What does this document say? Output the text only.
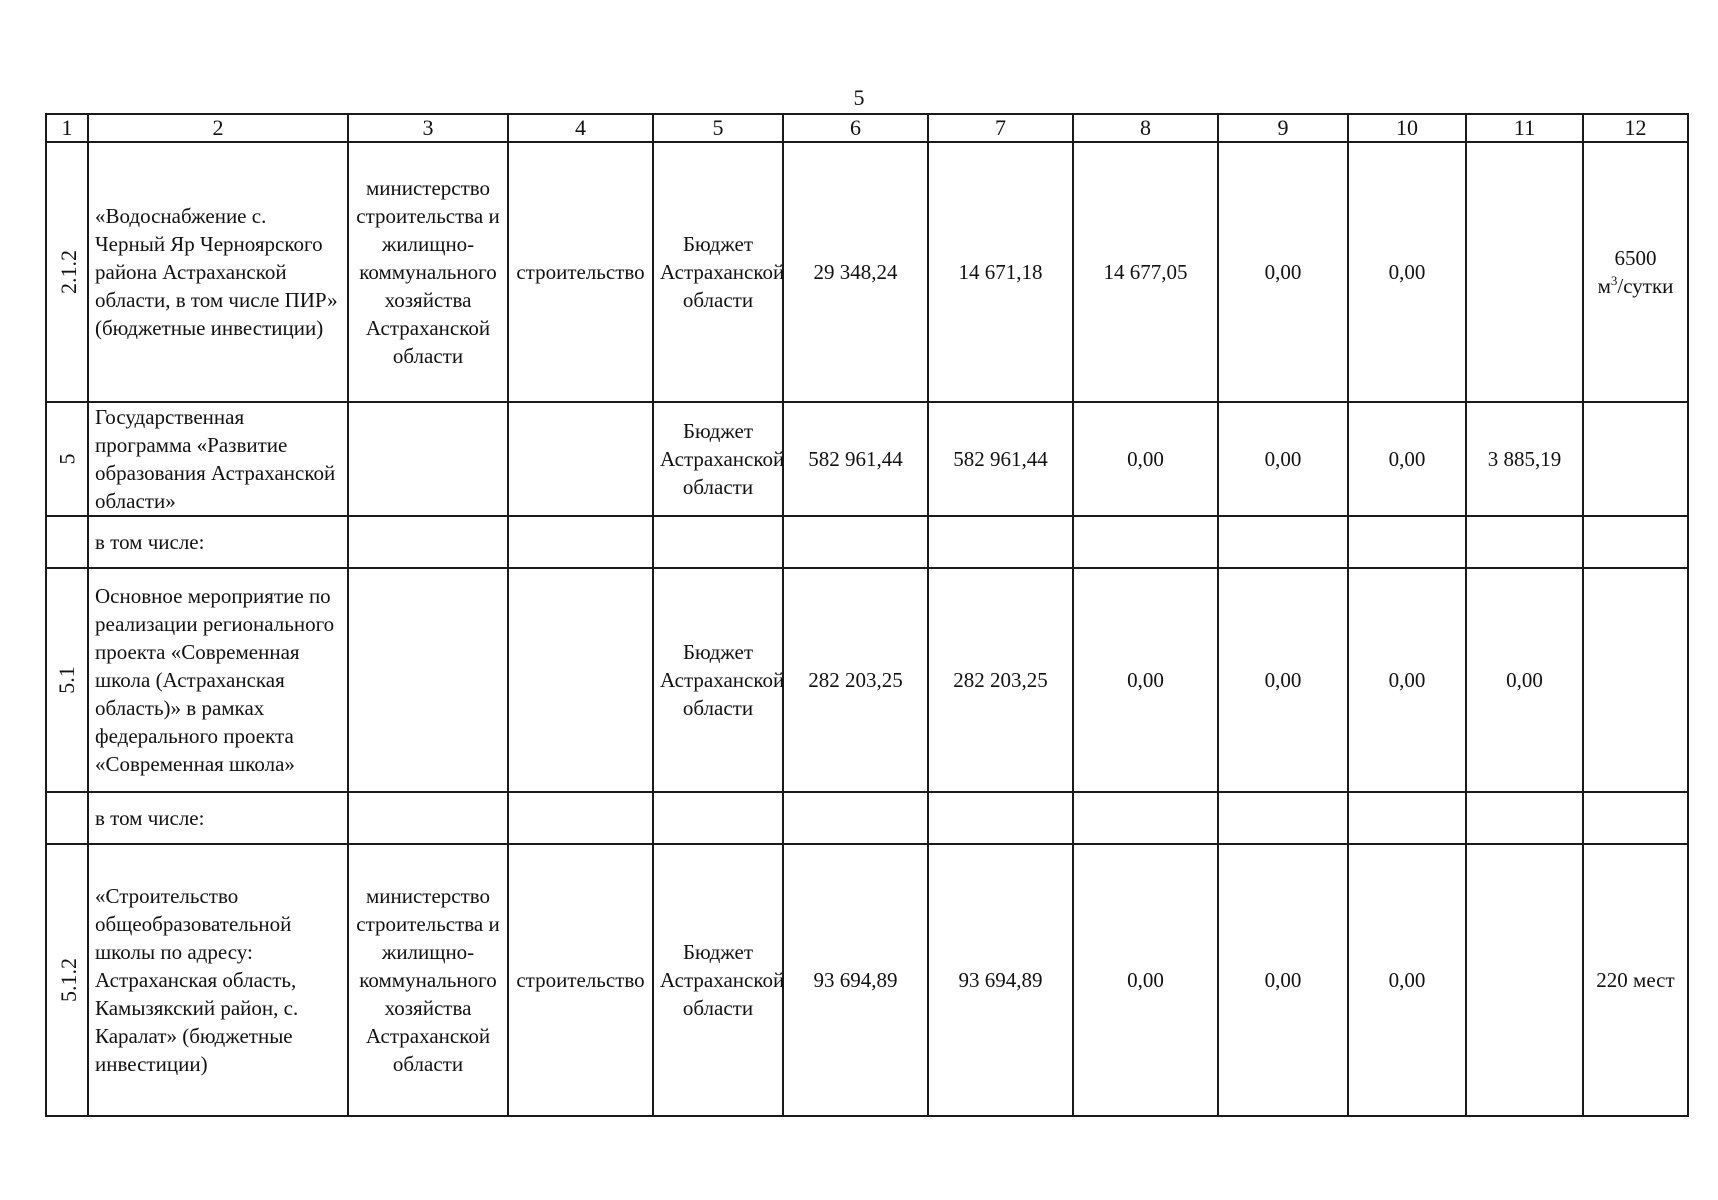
5
1	2	3	4	5	6	7	8	9	10	11	12
2.1.2	«Водоснабжение с. Черный Яр Черноярского района Астраханской области, в том числе ПИР» (бюджетные инвестиции)	министерство строительства и жилищно-коммунального хозяйства Астраханской области	строительство	Бюджет Астраханской области	29 348,24	14 671,18	14 677,05	0,00	0,00		6500
$м^3$/сутки

5	Государственная программа «Развитие образования Астраханской области»			Бюджет Астраханской области	582 961,44	582 961,44	0,00	0,00	0,00	3 885,19	
	в том числе:										
5.1	Основное мероприятие по реализации регионального проекта «Современная школа (Астраханская область)» в рамках федерального проекта «Современная школа»			Бюджет Астраханской области	282 203,25	282 203,25	0,00	0,00	0,00	0,00	
	в том числе:										
5.1.2	«Строительство общеобразовательной школы по адресу: Астраханская область, Камызякский район, с. Каралат» (бюджетные инвестиции)	министерство строительства и жилищно-коммунального хозяйства Астраханской области	строительство	Бюджет Астраханской области	93 694,89	93 694,89	0,00	0,00	0,00		220 мест
